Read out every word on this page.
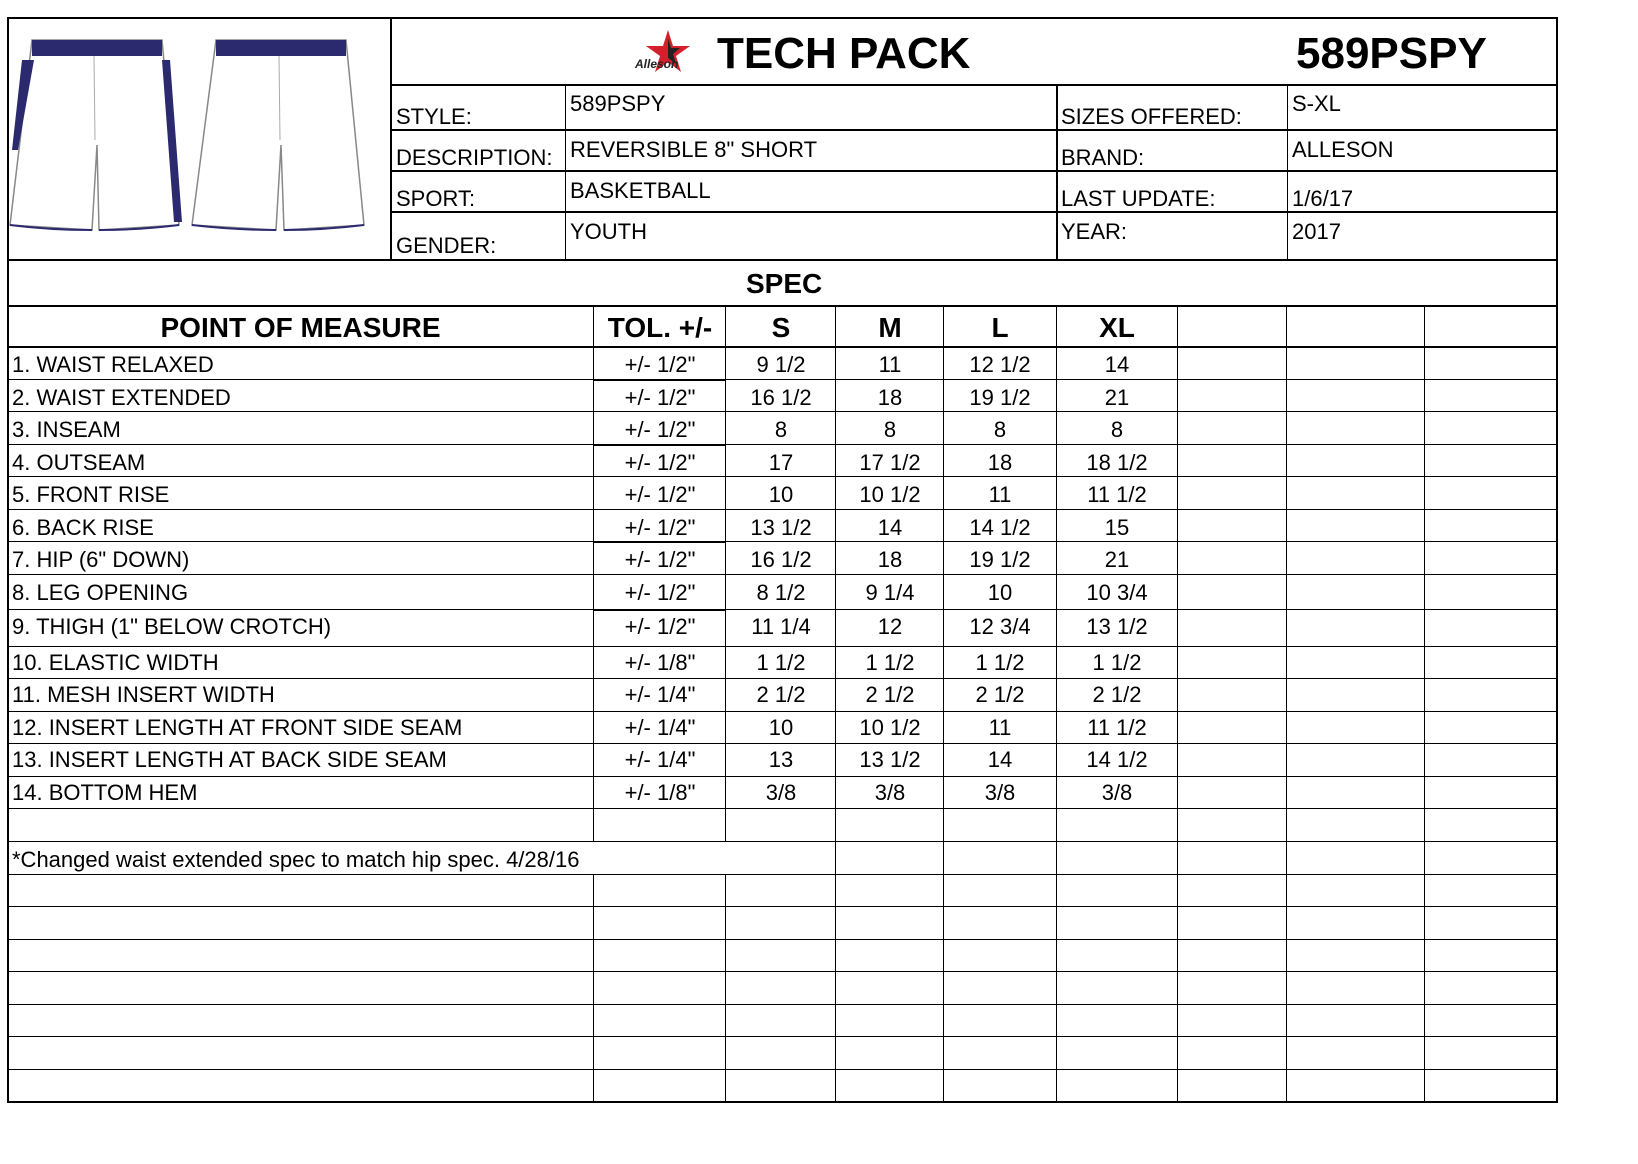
Alleson TECH PACK	589PSPY
STYLE:
589PSPY
SIZES OFFERED:
S-XL
DESCRIPTION: REVERSIBLE 8" SHORT	BRAND:	ALLESON
SPORT:	BASKETBALL	LAST UPDATE:	1/6/17
GENDER:
YOUTH	YEAR:	2017
SPEC
POINT OF MEASURE	TOL. +/-	S	M	L	XL
1. WAIST RELAXED	+/- 1/2"	9 1/2	11	12 1/2	14
2. WAIST EXTENDED	+/- 1/2"	16 1/2	18	19 1/2	21
3. INSEAM	+/- 1/2"	8	8	8	8
4. OUTSEAM	+/- 1/2"	17	17 1/2	18	18 1/2
5. FRONT RISE	+/- 1/2"	10	10 1/2	11	11 1/2
6. BACK RISE	+/- 1/2"	13 1/2	14	14 1/2	15
7. HIP (6" DOWN)	+/- 1/2"	16 1/2	18	19 1/2	21
8. LEG OPENING	+/- 1/2"	8 1/2	9 1/4	10	10 3/4
9. THIGH (1" BELOW CROTCH)	+/- 1/2"	11 1/4	12	12 3/4	13 1/2
10. ELASTIC WIDTH	+/- 1/8"	1 1/2	1 1/2	1 1/2	1 1/2
11. MESH INSERT WIDTH	+/- 1/4"	2 1/2	2 1/2	2 1/2	2 1/2
12. INSERT LENGTH AT FRONT SIDE SEAM	+/- 1/4"	10	10 1/2	11	11 1/2
13. INSERT LENGTH AT BACK SIDE SEAM	+/- 1/4"	13	13 1/2	14	14 1/2
14. BOTTOM HEM	+/- 1/8"	3/8	3/8	3/8	3/8
*Changed waist extended spec to match hip spec. 4/28/16
